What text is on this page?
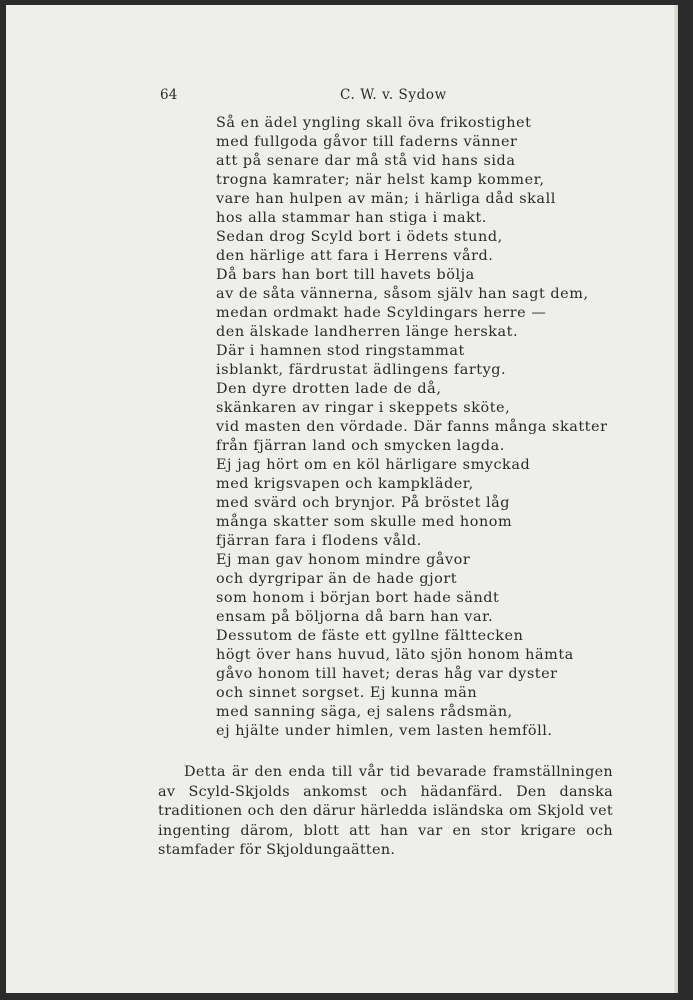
64	C. W. v. Sydow
Så en ädel yngling skall öva frikostighet
med fullgoda gåvor till faderns vänner
att på senare dar må stå vid hans sida
trogna kamrater; när helst kamp kommer,
vare han hulpen av män; i härliga dåd skall
hos alla stammar han stiga i makt.
Sedan drog Scyld bort i ödets stund,
den härlige att fara i Herrens vård.
Då bars han bort till havets bölja
av de såta vännerna, såsom själv han sagt dem,
medan ordmakt hade Scyldingars herre —
den älskade landherren länge herskat.
Där i hamnen stod ringstammat
isblankt, färdrustat ädlingens fartyg.
Den dyre drotten lade de då,
skänkaren av ringar i skeppets sköte,
vid masten den vördade. Där fanns många skatter
från fjärran land och smycken lagda.
Ej jag hört om en köl härligare smyckad
med krigsvapen och kampkläder,
med svärd och brynjor. På bröstet låg
många skatter som skulle med honom
fjärran fara i flodens våld.
Ej man gav honom mindre gåvor
och dyrgripar än de hade gjort
som honom i början bort hade sändt
ensam på böljorna då barn han var.
Dessutom de fäste ett gyllne fälttecken
högt över hans huvud, läto sjön honom hämta
gåvo honom till havet; deras håg var dyster
och sinnet sorgset. Ej kunna män
med sanning säga, ej salens rådsmän,
ej hjälte under himlen, vem lasten hemföll.

Detta är den enda till vår tid bevarade framställningen av Scyld-Skjolds ankomst och hädanfärd. Den danska traditionen och den därur härledda isländska om Skjold vet ingenting därom, blott att han var en stor krigare och stamfader för Skjoldungaätten.
